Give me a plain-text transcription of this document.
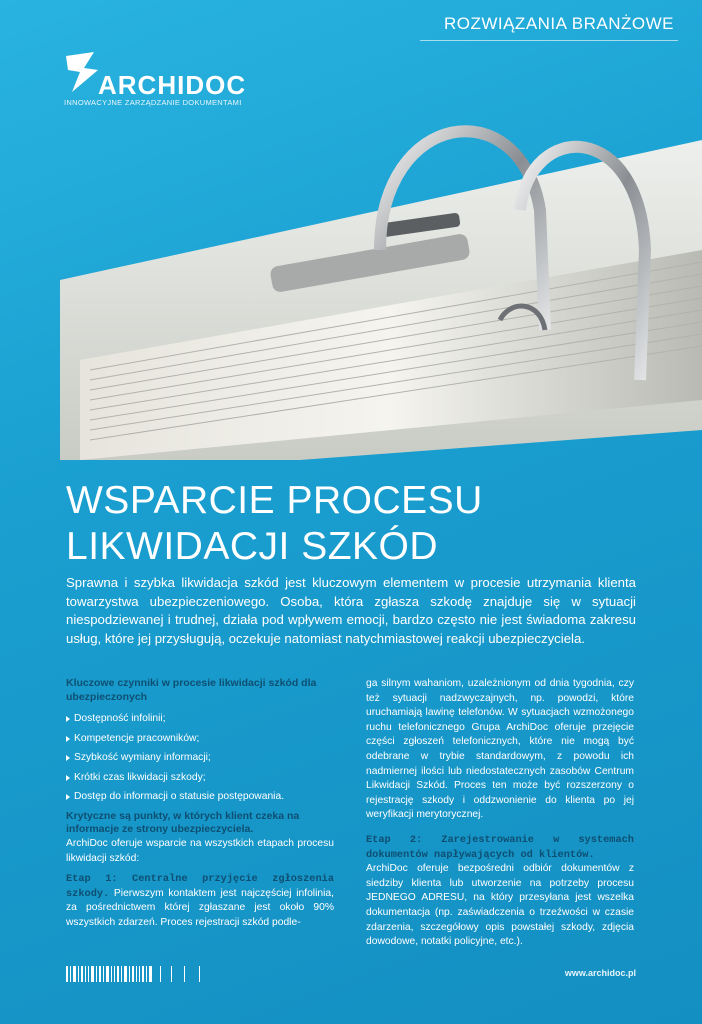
ROZWIĄZANIA BRANŻOWE
ARCHIDOC
INNOWACYJNE ZARZĄDZANIE DOKUMENTAMI
WSPARCIE PROCESU
LIKWIDACJI SZKÓD
Sprawna i szybka likwidacja szkód jest kluczowym elementem w procesie utrzymania klienta towarzystwa ubezpieczeniowego. Osoba, która zgłasza szkodę znajduje się w sytuacji niespodziewanej i trudnej, działa pod wpływem emocji, bardzo często nie jest świadoma zakresu usług, które jej przysługują, oczekuje natomiast natychmiastowej reakcji ubezpieczyciela.
Kluczowe czynniki w procesie likwidacji szkód dla ubezpieczonych
Dostępność infolinii;
Kompetencje pracowników;
Szybkość wymiany informacji;
Krótki czas likwidacji szkody;
Dostęp do informacji o statusie postępowania.
Krytyczne są punkty, w których klient czeka na informacje ze strony ubezpieczyciela.
ArchiDoc oferuje wsparcie na wszystkich etapach procesu likwidacji szkód:
Etap 1: Centralne przyjęcie zgłoszenia szkody. Pierwszym kontaktem jest najczęściej infolinia, za pośrednictwem której zgłaszane jest około 90% wszystkich zdarzeń. Proces rejestracji szkód podle-
ga silnym wahaniom, uzależnionym od dnia tygodnia, czy też sytuacji nadzwyczajnych, np. powodzi, które uruchamiają lawinę telefonów. W sytuacjach wzmożonego ruchu telefonicznego Grupa ArchiDoc oferuje przejęcie części zgłoszeń telefonicznych, które nie mogą być odebrane w trybie standardowym, z powodu ich nadmiernej ilości lub niedostatecznych zasobów Centrum Likwidacji Szkód. Proces ten może być rozszerzony o rejestrację szkody i oddzwonienie do klienta po jej weryfikacji merytorycznej.
Etap 2: Zarejestrowanie w systemach dokumentów napływających od klientów.
ArchiDoc oferuje bezpośredni odbiór dokumentów z siedziby klienta lub utworzenie na potrzeby procesu JEDNEGO ADRESU, na który przesyłana jest wszelka dokumentacja (np. zaświadczenia o trzeźwości w czasie zdarzenia, szczegółowy opis powstałej szkody, zdjęcia dowodowe, notatki policyjne, etc.).
www.archidoc.pl
